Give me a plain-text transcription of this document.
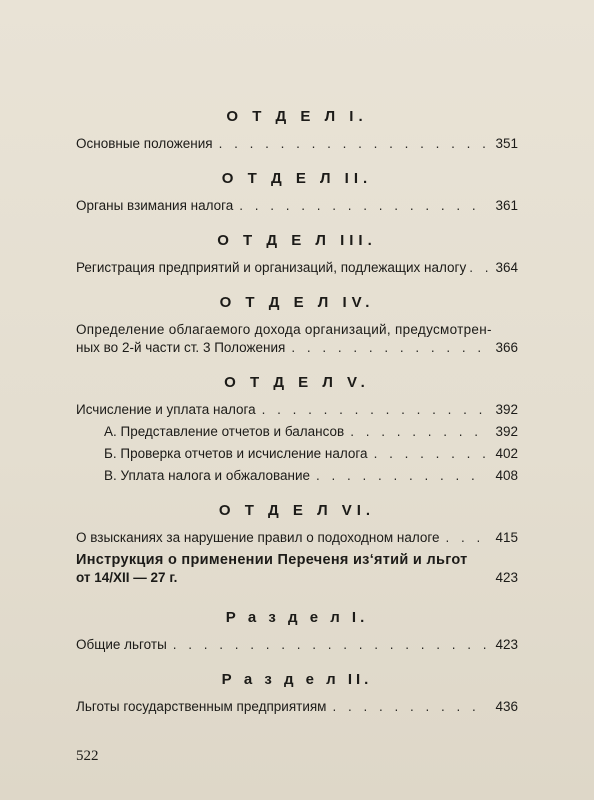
О Т Д Е Л I.
Основные положения . . .	351
О Т Д Е Л II.
Органы взимания налога . . .	361
О Т Д Е Л III.
Регистрация предприятий и организаций, подлежащих налогу . . . 364
О Т Д Е Л IV.
Определение облагаемого дохода организаций, предусмотрен-
ных во 2-й части ст. 3 Положения . . .	366
О Т Д Е Л V.
Исчисление и уплата налога . . .	392
А. Представление отчетов и балансов . . .	392
Б. Проверка отчетов и исчисление налога . . .	402
В. Уплата налога и обжалование . . .	408
О Т Д Е Л VI.
О взысканиях за нарушение правил о подоходном налоге . . .	415
Инструкция о применении Переченя из‘ятий и льгот
от 14/XII — 27 г.	423
Р а з д е л I.
Общие льготы . . .	423
Р а з д е л II.
Льготы государственным предприятиям . . .	436
522
